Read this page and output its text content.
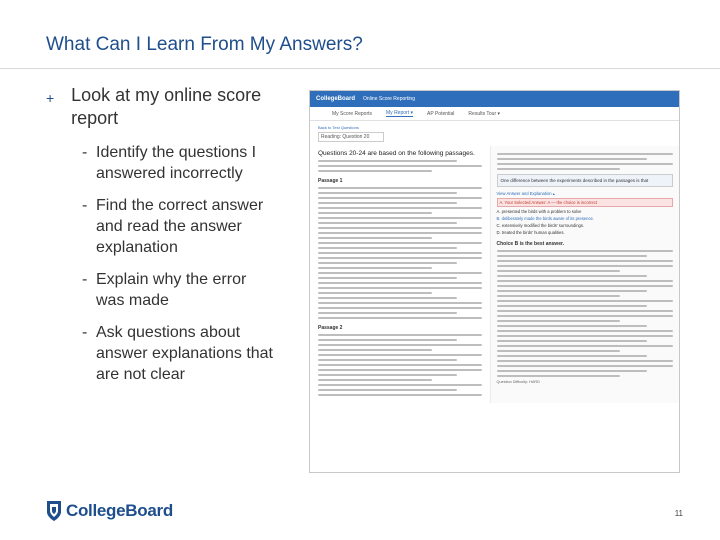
What Can I Learn From My Answers?
+ Look at my online score report
- Identify the questions I answered incorrectly
- Find the correct answer and read the answer explanation
- Explain why the error was made
- Ask questions about answer explanations that are not clear
CollegeBoard Online Score Reporting
My Score Reports	My Report ▾	AP Potential	Results Tour ▾
Back to Test Questions
Reading: Question 20
Questions 20-24 are based on the following passages.
Passage 1
Passage 2
One difference between the experiments described in the passages is that
View Answer and Explanation ▴
A. Your Selected Answer: A — the choice is incorrect
A. presented the birds with a problem to solve
B. deliberately made the birds aware of its presence.
C. extensively modified the birds' surroundings.
D. treated the birds' human qualities.
Choice B is the best answer.
Question Difficulty: HARD
CollegeBoard	11
